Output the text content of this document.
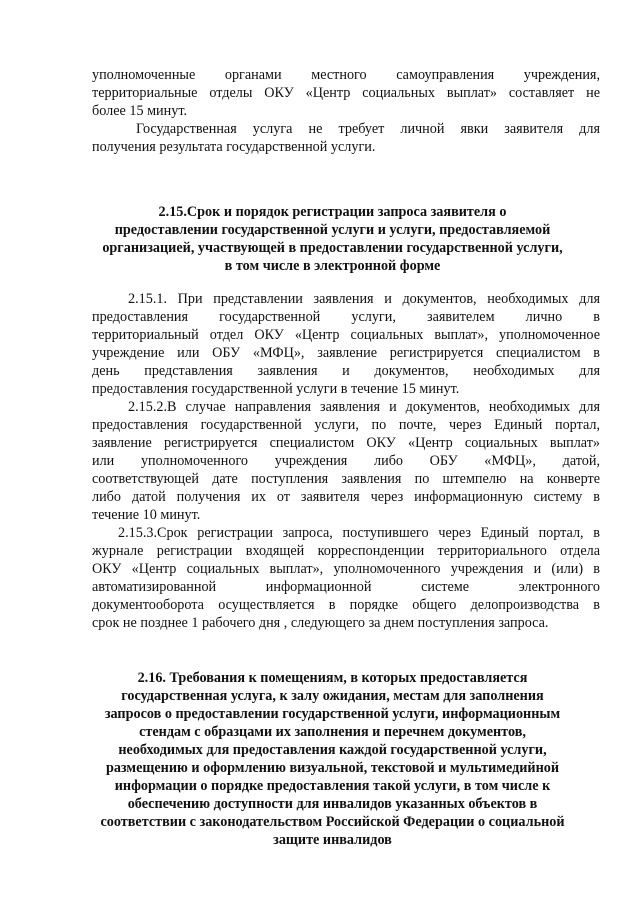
уполномоченные органами местного самоуправления учреждения,
территориальные отделы ОКУ «Центр социальных выплат» составляет не
более 15 минут.
Государственная услуга не требует личной явки заявителя для
получения результата государственной услуги.
2.15.Срок и порядок регистрации запроса заявителя о
предоставлении государственной услуги и услуги, предоставляемой
организацией, участвующей в предоставлении государственной услуги,
в том числе в электронной форме
2.15.1. При представлении заявления и документов, необходимых для
предоставления государственной услуги, заявителем лично в
территориальный отдел ОКУ «Центр социальных выплат», уполномоченное
учреждение или ОБУ «МФЦ», заявление регистрируется специалистом в
день представления заявления и документов, необходимых для
предоставления государственной услуги в течение 15 минут.
2.15.2.В случае направления заявления и документов, необходимых для
предоставления государственной услуги, по почте, через Единый портал,
заявление регистрируется специалистом ОКУ «Центр социальных выплат»
или уполномоченного учреждения либо ОБУ «МФЦ», датой,
соответствующей дате поступления заявления по штемпелю на конверте
либо датой получения их от заявителя через информационную систему в
течение 10 минут.
2.15.3.Срок регистрации запроса, поступившего через Единый портал, в
журнале регистрации входящей корреспонденции территориального отдела
ОКУ «Центр социальных выплат», уполномоченного учреждения и (или) в
автоматизированной информационной системе электронного
документооборота осуществляется в порядке общего делопроизводства в
срок не позднее 1 рабочего дня , следующего за днем поступления запроса.
2.16. Требования к помещениям, в которых предоставляется
государственная услуга, к залу ожидания, местам для заполнения
запросов о предоставлении государственной услуги, информационным
стендам с образцами их заполнения и перечнем документов,
необходимых для предоставления каждой государственной услуги,
размещению и оформлению визуальной, текстовой и мультимедийной
информации о порядке предоставления такой услуги, в том числе к
обеспечению доступности для инвалидов указанных объектов в
соответствии с законодательством Российской Федерации о социальной
защите инвалидов
